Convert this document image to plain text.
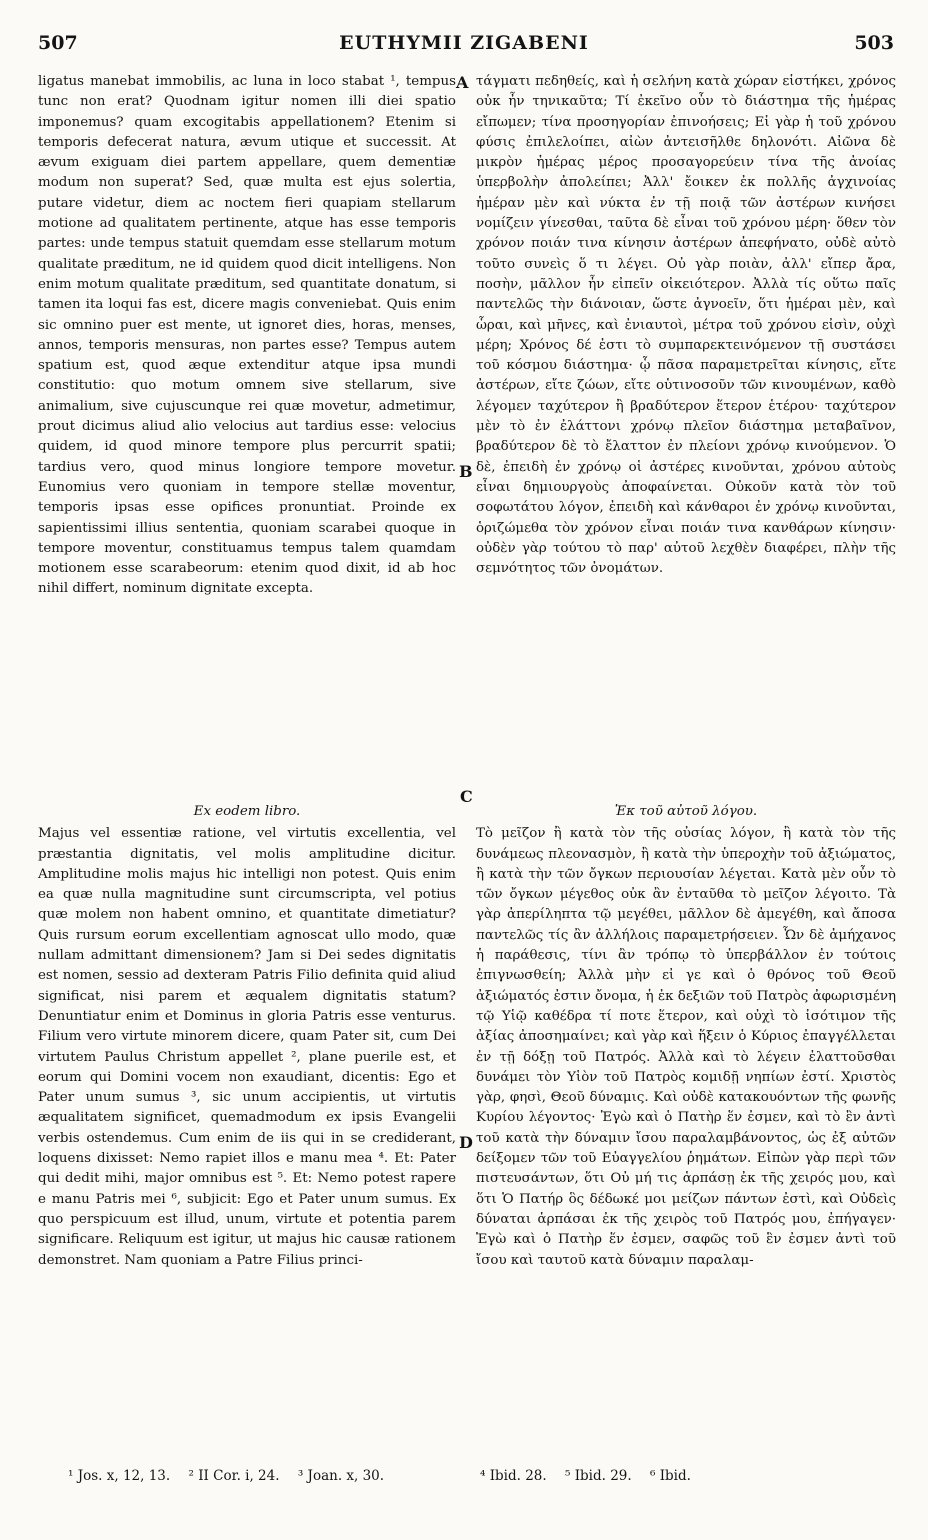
507	EUTHYMII ZIGABENI	503
A
B
C
D

ligatus manebat immobilis, ac luna in loco stabat ¹, tempus tunc non erat? Quodnam igitur nomen illi diei spatio imponemus? quam excogitabis appellationem? Etenim si temporis defecerat natura, ævum utique et successit. At ævum exiguam diei partem appellare, quem dementiæ modum non superat? Sed, quæ multa est ejus solertia, putare videtur, diem ac noctem fieri quapiam stellarum motione ad qualitatem pertinente, atque has esse temporis partes: unde tempus statuit quemdam esse stellarum motum qualitate præditum, ne id quidem quod dicit intelligens. Non enim motum qualitate præditum, sed quantitate donatum, si tamen ita loqui fas est, dicere magis conveniebat. Quis enim sic omnino puer est mente, ut ignoret dies, horas, menses, annos, temporis mensuras, non partes esse? Tempus autem spatium est, quod æque extenditur atque ipsa mundi constitutio: quo motum omnem sive stellarum, sive animalium, sive cujuscunque rei quæ movetur, admetimur, prout dicimus aliud alio velocius aut tardius esse: velocius quidem, id quod minore tempore plus percurrit spatii; tardius vero, quod minus longiore tempore movetur. Eunomius vero quoniam in tempore stellæ moventur, temporis ipsas esse opifices pronuntiat. Proinde ex sapientissimi illius sententia, quoniam scarabei quoque in tempore moventur, constituamus tempus talem quamdam motionem esse scarabeorum: etenim quod dixit, id ab hoc nihil differt, nominum dignitate excepta.

τάγματι πεδηθείς, καὶ ἡ σελήνη κατὰ χώραν εἱστήκει, χρόνος οὐκ ἦν τηνικαῦτα; Τί ἐκεῖνο οὖν τὸ διάστημα τῆς ἡμέρας εἴπωμεν; τίνα προσηγορίαν ἐπινοήσεις; Εἰ γὰρ ἡ τοῦ χρόνου φύσις ἐπιλελοίπει, αἰὼν ἀντεισῆλθε δηλονότι. Αἰῶνα δὲ μικρὸν ἡμέρας μέρος προσαγορεύειν τίνα τῆς ἀνοίας ὑπερβολὴν ἀπολείπει; Ἀλλ' ἔοικεν ἐκ πολλῆς ἀγχινοίας ἡμέραν μὲν καὶ νύκτα ἐν τῇ ποιᾷ τῶν ἀστέρων κινήσει νομίζειν γίνεσθαι, ταῦτα δὲ εἶναι τοῦ χρόνου μέρη· ὅθεν τὸν χρόνον ποιάν τινα κίνησιν ἀστέρων ἀπεφήνατο, οὐδὲ αὐτὸ τοῦτο συνεὶς ὅ τι λέγει. Οὐ γὰρ ποιὰν, ἀλλ' εἴπερ ἄρα, ποσὴν, μᾶλλον ἦν εἰπεῖν οἰκειότερον. Ἀλλὰ τίς οὕτω παῖς παντελῶς τὴν διάνοιαν, ὥστε ἀγνοεῖν, ὅτι ἡμέραι μὲν, καὶ ὧραι, καὶ μῆνες, καὶ ἐνιαυτοὶ, μέτρα τοῦ χρόνου εἰσὶν, οὐχὶ μέρη; Χρόνος δέ ἐστι τὸ συμπαρεκτεινόμενον τῇ συστάσει τοῦ κόσμου διάστημα· ᾧ πᾶσα παραμετρεῖται κίνησις, εἴτε ἀστέρων, εἴτε ζώων, εἴτε οὑτινοσοῦν τῶν κινουμένων, καθὸ λέγομεν ταχύτερον ἢ βραδύτερον ἕτερον ἑτέρου· ταχύτερον μὲν τὸ ἐν ἐλάττονι χρόνῳ πλεῖον διάστημα μεταβαῖνον, βραδύτερον δὲ τὸ ἔλαττον ἐν πλείονι χρόνῳ κινούμενον. Ὁ δὲ, ἐπειδὴ ἐν χρόνῳ οἱ ἀστέρες κινοῦνται, χρόνου αὐτοὺς εἶναι δημιουργοὺς ἀποφαίνεται. Οὐκοῦν κατὰ τὸν τοῦ σοφωτάτου λόγον, ἐπειδὴ καὶ κάνθαροι ἐν χρόνῳ κινοῦνται, ὁριζώμεθα τὸν χρόνον εἶναι ποιάν τινα κανθάρων κίνησιν· οὐδὲν γὰρ τούτου τὸ παρ' αὐτοῦ λεχθὲν διαφέρει, πλὴν τῆς σεμνότητος τῶν ὀνομάτων.

Ex eodem libro.

Majus vel essentiæ ratione, vel virtutis excellentia, vel præstantia dignitatis, vel molis amplitudine dicitur. Amplitudine molis majus hic intelligi non potest. Quis enim ea quæ nulla magnitudine sunt circumscripta, vel potius quæ molem non habent omnino, et quantitate dimetiatur? Quis rursum eorum excellentiam agnoscat ullo modo, quæ nullam admittant dimensionem? Jam si Dei sedes dignitatis est nomen, sessio ad dexteram Patris Filio definita quid aliud significat, nisi parem et æqualem dignitatis statum? Denuntiatur enim et Dominus in gloria Patris esse venturus. Filium vero virtute minorem dicere, quam Pater sit, cum Dei virtutem Paulus Christum appellet ², plane puerile est, et eorum qui Domini vocem non exaudiant, dicentis: Ego et Pater unum sumus ³, sic unum accipientis, ut virtutis æqualitatem significet, quemadmodum ex ipsis Evangelii verbis ostendemus. Cum enim de iis qui in se crediderant, loquens dixisset: Nemo rapiet illos e manu mea ⁴. Et: Pater qui dedit mihi, major omnibus est ⁵. Et: Nemo potest rapere e manu Patris mei ⁶, subjicit: Ego et Pater unum sumus. Ex quo perspicuum est illud, unum, virtute et potentia parem significare. Reliquum est igitur, ut majus hic causæ rationem demonstret. Nam quoniam a Patre Filius princi-

Ἐκ τοῦ αὐτοῦ λόγου.

Τὸ μεῖζον ἢ κατὰ τὸν τῆς οὐσίας λόγον, ἢ κατὰ τὸν τῆς δυνάμεως πλεονασμὸν, ἢ κατὰ τὴν ὑπεροχὴν τοῦ ἀξιώματος, ἢ κατὰ τὴν τῶν ὄγκων περιουσίαν λέγεται. Κατὰ μὲν οὖν τὸ τῶν ὄγκων μέγεθος οὐκ ἂν ἐνταῦθα τὸ μεῖζον λέγοιτο. Τὰ γὰρ ἀπερίληπτα τῷ μεγέθει, μᾶλλον δὲ ἀμεγέθη, καὶ ἄποσα παντελῶς τίς ἂν ἀλλήλοις παραμετρήσειεν. Ὧν δὲ ἀμήχανος ἡ παράθεσις, τίνι ἂν τρόπῳ τὸ ὑπερβάλλον ἐν τούτοις ἐπιγνωσθείη; Ἀλλὰ μὴν εἰ γε καὶ ὁ θρόνος τοῦ Θεοῦ ἀξιώματός ἐστιν ὄνομα, ἡ ἐκ δεξιῶν τοῦ Πατρὸς ἀφωρισμένη τῷ Υἱῷ καθέδρα τί ποτε ἕτερον, καὶ οὐχὶ τὸ ἰσότιμον τῆς ἀξίας ἀποσημαίνει; καὶ γὰρ καὶ ἥξειν ὁ Κύριος ἐπαγγέλλεται ἐν τῇ δόξῃ τοῦ Πατρός. Ἀλλὰ καὶ τὸ λέγειν ἐλαττοῦσθαι δυνάμει τὸν Υἱὸν τοῦ Πατρὸς κομιδῇ νηπίων ἐστί. Χριστὸς γὰρ, φησὶ, Θεοῦ δύναμις. Καὶ οὐδὲ κατακουόντων τῆς φωνῆς Κυρίου λέγοντος· Ἐγὼ καὶ ὁ Πατὴρ ἕν ἐσμεν, καὶ τὸ ἓν ἀντὶ τοῦ κατὰ τὴν δύναμιν ἴσου παραλαμβάνοντος, ὡς ἐξ αὐτῶν δείξομεν τῶν τοῦ Εὐαγγελίου ῥημάτων. Εἰπὼν γὰρ περὶ τῶν πιστευσάντων, ὅτι Οὐ μή τις ἁρπάσῃ ἐκ τῆς χειρός μου, καὶ ὅτι Ὁ Πατήρ ὃς δέδωκέ μοι μείζων πάντων ἐστὶ, καὶ Οὐδεὶς δύναται ἁρπάσαι ἐκ τῆς χειρὸς τοῦ Πατρός μου, ἐπήγαγεν· Ἐγὼ καὶ ὁ Πατὴρ ἕν ἐσμεν, σαφῶς τοῦ ἓν ἐσμεν ἀντὶ τοῦ ἴσου καὶ ταυτοῦ κατὰ δύναμιν παραλαμ-

¹ Jos. x, 12, 13. ² II Cor. i, 24. ³ Joan. x, 30.	⁴ Ibid. 28. ⁵ Ibid. 29. ⁶ Ibid.
